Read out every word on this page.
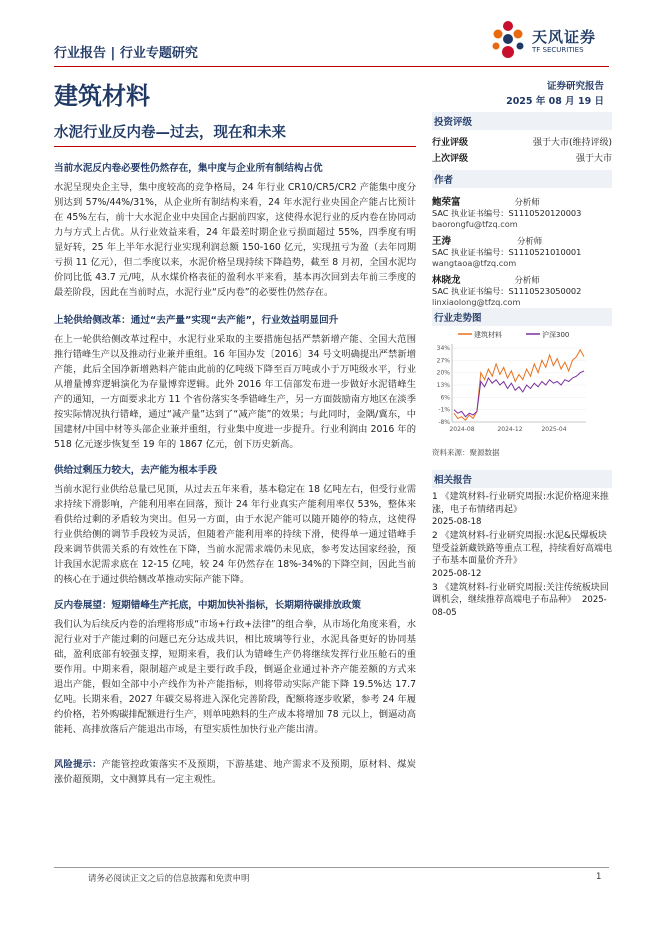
行业报告 | 行业专题研究
天风证券
TF SECURITIES
建筑材料	证券研究报告
2025 年 08 月 19 日
水泥行业反内卷—过去，现在和未来
当前水泥反内卷必要性仍然存在，集中度与企业所有制结构占优

水泥呈现央企主导，集中度较高的竞争格局，24 年行业 CR10/CR5/CR2 产能集中度分别达到 57%/44%/31%，从企业所有制结构来看，24 年水泥行业央国企产能占比预计在 45%左右，前十大水泥企业中央国企占据前四家，这使得水泥行业的反内卷在协同动力与方式上占优。从行业效益来看，24 年最差时期企业亏损面超过 55%，四季度有明显好转，25 年上半年水泥行业实现利润总额 150-160 亿元，实现扭亏为盈（去年同期亏损 11 亿元），但二季度以来，水泥价格呈现持续下降趋势，截至 8 月初，全国水泥均价同比低 43.7 元/吨，从水煤价格表征的盈利水平来看，基本再次回到去年前三季度的最差阶段，因此在当前时点，水泥行业“反内卷”的必要性仍然存在。

上轮供给侧改革：通过“去产量”实现“去产能”，行业效益明显回升

在上一轮供给侧改革过程中，水泥行业采取的主要措施包括严禁新增产能、全国大范围推行错峰生产以及推动行业兼并重组。16 年国办发〔2016〕34 号文明确提出严禁新增产能，此后全国净新增熟料产能由此前的亿吨级下降至百万吨或小于万吨级水平，行业从增量博弈逻辑演化为存量博弈逻辑。此外 2016 年工信部发布进一步做好水泥错峰生产的通知，一方面要求北方 11 个省份落实冬季错峰生产，另一方面鼓励南方地区在淡季按实际情况执行错峰，通过“减产量”达到了“减产能”的效果；与此同时，金隅/冀东，中国建材/中国中材等头部企业兼并重组，行业集中度进一步提升。行业利润由 2016 年的 518 亿元逐步恢复至 19 年的 1867 亿元，创下历史新高。

供给过剩压力较大，去产能为根本手段

当前水泥行业供给总量已见顶，从过去五年来看，基本稳定在 18 亿吨左右，但受行业需求持续下滑影响，产能利用率在回落，预计 24 年行业真实产能利用率仅 53%，整体来看供给过剩的矛盾较为突出。但另一方面，由于水泥产能可以随开随停的特点，这使得行业供给侧的调节手段较为灵活，但随着产能利用率的持续下滑，使得单一通过错峰手段来调节供需关系的有效性在下降，当前水泥需求端仍未见底，参考发达国家经验，预计我国水泥需求底在 12-15 亿吨，较 24 年仍然存在 18%-34%的下降空间，因此当前的核心在于通过供给侧改革推动实际产能下降。

反内卷展望：短期错峰生产托底，中期加快补指标，长期期待碳排放政策

我们认为后续反内卷的治理将形成“市场+行政+法律”的组合拳，从市场化角度来看，水泥行业对于产能过剩的问题已充分达成共识，相比玻璃等行业，水泥具备更好的协同基础，盈利底部有较强支撑，短期来看，我们认为错峰生产仍将继续发挥行业压舱石的重要作用。中期来看，限制超产或是主要行政手段，倒逼企业通过补齐产能差额的方式来退出产能，假如全部中小产线作为补产能指标，则将带动实际产能下降 19.5%达 17.7 亿吨。长期来看，2027 年碳交易将进入深化完善阶段，配额将逐步收紧，参考 24 年履约价格，若外购碳排配额进行生产，则单吨熟料的生产成本将增加 78 元以上，倒逼动高能耗、高排放落后产能退出市场，有望实质性加快行业产能出清。

风险提示：产能管控政策落实不及预期，下游基建、地产需求不及预期，原材料、煤炭涨价超预期，文中测算具有一定主观性。

投资评级
行业评级	强于大市(维持评级)
上次评级	强于大市
作者
鲍荣富	分析师
SAC 执业证书编号：S1110520120003
baorongfu@tfzq.com
王涛	分析师
SAC 执业证书编号：S1110521010001
wangtaoa@tfzq.com
林晓龙	分析师
SAC 执业证书编号：S1110523050002
linxiaolong@tfzq.com
行业走势图
建筑材料	沪深300
34%
27%
20%
13%
6%
-1%
-8%
2024-08	2024-12	2025-04
资料来源：聚源数据
相关报告
1 《建筑材料-行业研究周报:水泥价格迎来推涨，电子布情绪再起》
2025-08-18
2 《建筑材料-行业研究周报:水泥&民爆板块望受益新藏铁路等重点工程，持续看好高端电子布基本面量价齐升》
2025-08-12
3 《建筑材料-行业研究周报:关注传统板块回调机会，继续推荐高端电子布品种》 2025-08-05
请务必阅读正文之后的信息披露和免责申明	1
